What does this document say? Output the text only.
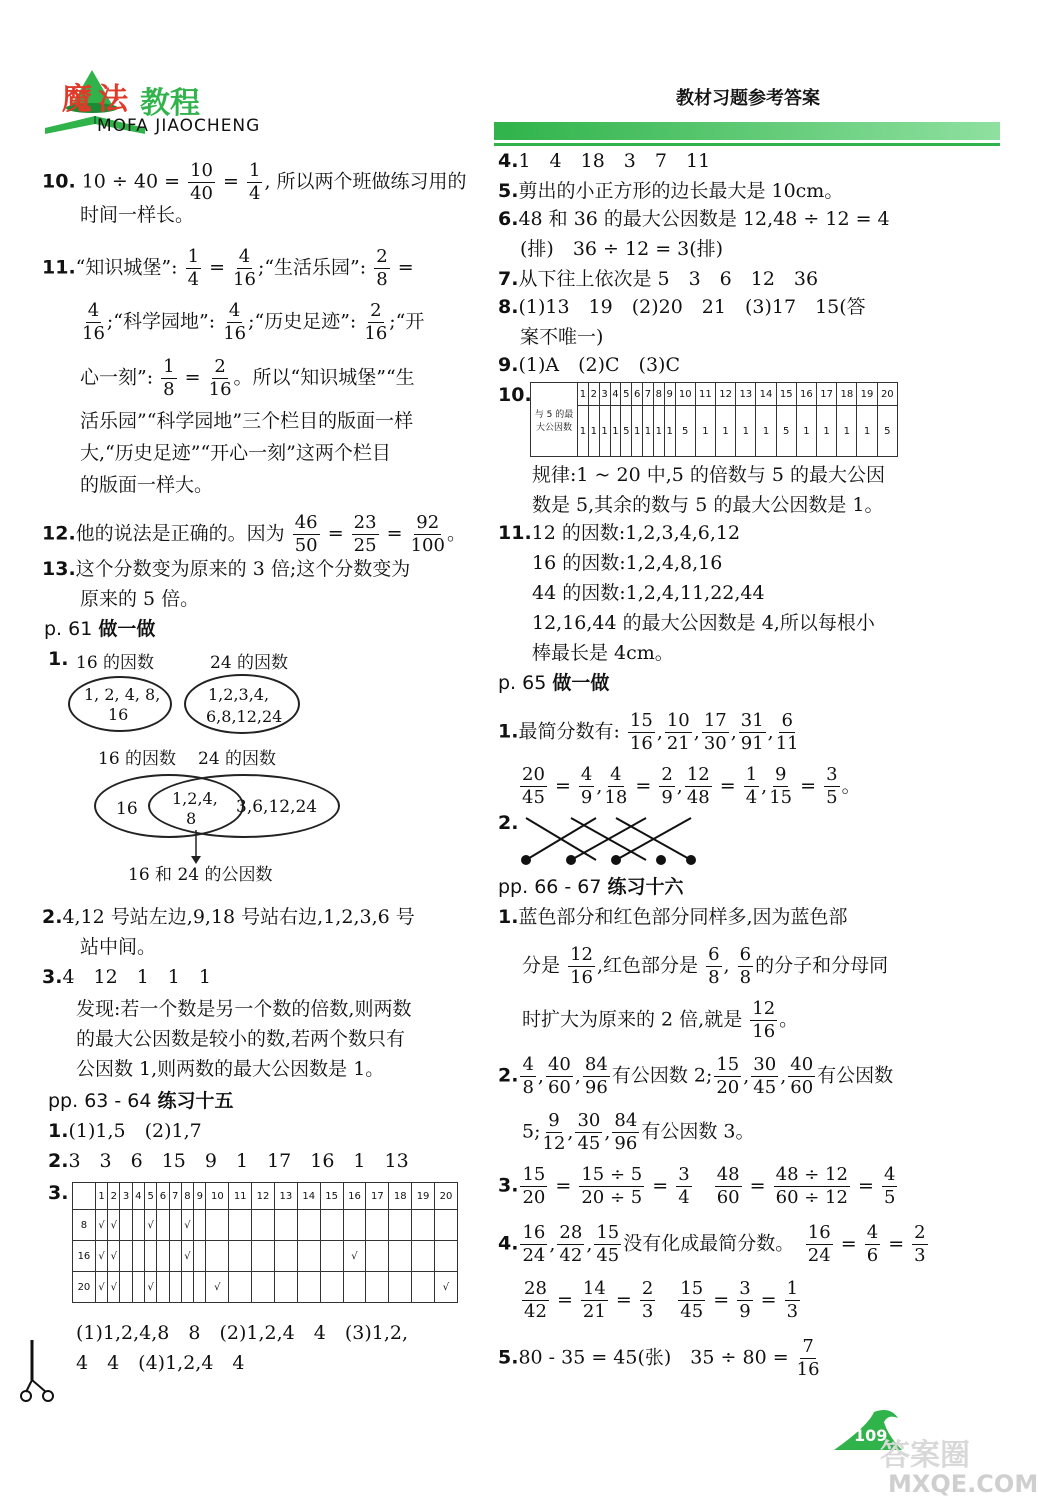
魔 法 教程
MOFA JIAOCHENG
教材习题参考答案
10. $10 \div 40 = \frac{10}{40} = \frac{1}{4}$ , 所以两个班做练习用的
时间一样长。
11.“知识城堡”: $\frac{1}{4} = \frac{4}{16}$ ;“生活乐园”: $\frac{2}{8}$ =
$\frac{4}{16}$ ;“科学园地”: $\frac{4}{16}$ ;“历史足迹”: $\frac{2}{16}$ ;“开
心一刻”: $\frac{1}{8} = \frac{2}{16}$ 。所以“知识城堡”“生
活乐园”“科学园地”三个栏目的版面一样
大,“历史足迹”“开心一刻”这两个栏目
的版面一样大。
12.他的说法是正确的。因为 $\frac{46}{50} = \frac{23}{25} = \frac{92}{100}$ 。
13.这个分数变为原来的 3 倍;这个分数变为
原来的 5 倍。
p. 61 做一做
1. 16 的因数	24 的因数
1, 2, 4, 8,
16
1,2,3,4,
6,8,12,24
16 的因数 24 的因数
16
1,2,4,
8
3,6,12,24
16 和 24 的公因数
2.4,12 号站左边,9,18 号站右边,1,2,3,6 号
站中间。
3.4　12　1　1　1
发现:若一个数是另一个数的倍数,则两数
的最大公因数是较小的数,若两个数只有
公因数 1,则两数的最大公因数是 1。
pp. 63 - 64 练习十五
1.(1)1,5　(2)1,7
2.3　3　6　15　9　1　17　16　1　13
3.
		1	2	3	4	5	6	7	8	9	10	11	12	13	14	15	16	17	18	19	20
8	√	√			√			√												
16	√	√						√								√				
20	√	√			√					√										√
(1)1,2,4,8　8　(2)1,2,4　4　(3)1,2,
4　4　(4)1,2,4　4
4.1　4　18　3　7　11
5.剪出的小正方形的边长最大是 10cm。
6.48 和 36 的最大公因数是 12,48 ÷ 12 = 4
(排)　36 ÷ 12 = 3(排)
7.从下往上依次是 5　3　6　12　36
8.(1)13　19　(2)20　21　(3)17　15(答
案不唯一)
9.(1)A　(2)C　(3)C
10.
与 5 的最大公因数	1	2	3	4	5	6	7	8	9	10	11	12	13	14	15	16	17	18	19	20
	1	1	1	1	5	1	1	1	1	5	1	1	1	1	5	1	1	1	1	5
规律:1 ~ 20 中,5 的倍数与 5 的最大公因
数是 5,其余的数与 5 的最大公因数是 1。
11.12 的因数:1,2,3,4,6,12
16 的因数:1,2,4,8,16
44 的因数:1,2,4,11,22,44
12,16,44 的最大公因数是 4,所以每根小
棒最长是 4cm。
p. 65 做一做
1.最简分数有: $\frac{15}{16}$ , $\frac{10}{21}$ , $\frac{17}{30}$ , $\frac{31}{91}$ , $\frac{6}{11}$
$\frac{20}{45} = \frac{4}{9}$ , $\frac{4}{18} = \frac{2}{9}$ , $\frac{12}{48} = \frac{1}{4}$ , $\frac{9}{15} = \frac{3}{5}$ 。
2.
pp. 66 - 67 练习十六
1.蓝色部分和红色部分同样多,因为蓝色部
分是 $\frac{12}{16}$ ,红色部分是 $\frac{6}{8}$ , $\frac{6}{8}$ 的分子和分母同
时扩大为原来的 2 倍,就是 $\frac{12}{16}$ 。
2. $\frac{4}{8}$ , $\frac{40}{60}$ , $\frac{84}{96}$ 有公因数 2; $\frac{15}{20}$ , $\frac{30}{45}$ , $\frac{40}{60}$ 有公因数
5; $\frac{9}{12}$ , $\frac{30}{45}$ , $\frac{84}{96}$ 有公因数 3。
3. $\frac{15}{20} = \frac{15 \div 5}{20 \div 5} = \frac{3}{4}$
　 $\frac{48}{60} = \frac{48 \div 12}{60 \div 12} = \frac{4}{5}$
4. $\frac{16}{24}$ , $\frac{28}{42}$ , $\frac{15}{45}$ 没有化成最简分数。　 $\frac{16}{24} = \frac{4}{6} = \frac{2}{3}$
$\frac{28}{42} = \frac{14}{21} = \frac{2}{3}$
　 $\frac{15}{45} = \frac{3}{9} = \frac{1}{3}$
5.80 - 35 = 45(张)　$35 \div 80 = \frac{7}{16}$
109
答案圈
MXQE.COM
